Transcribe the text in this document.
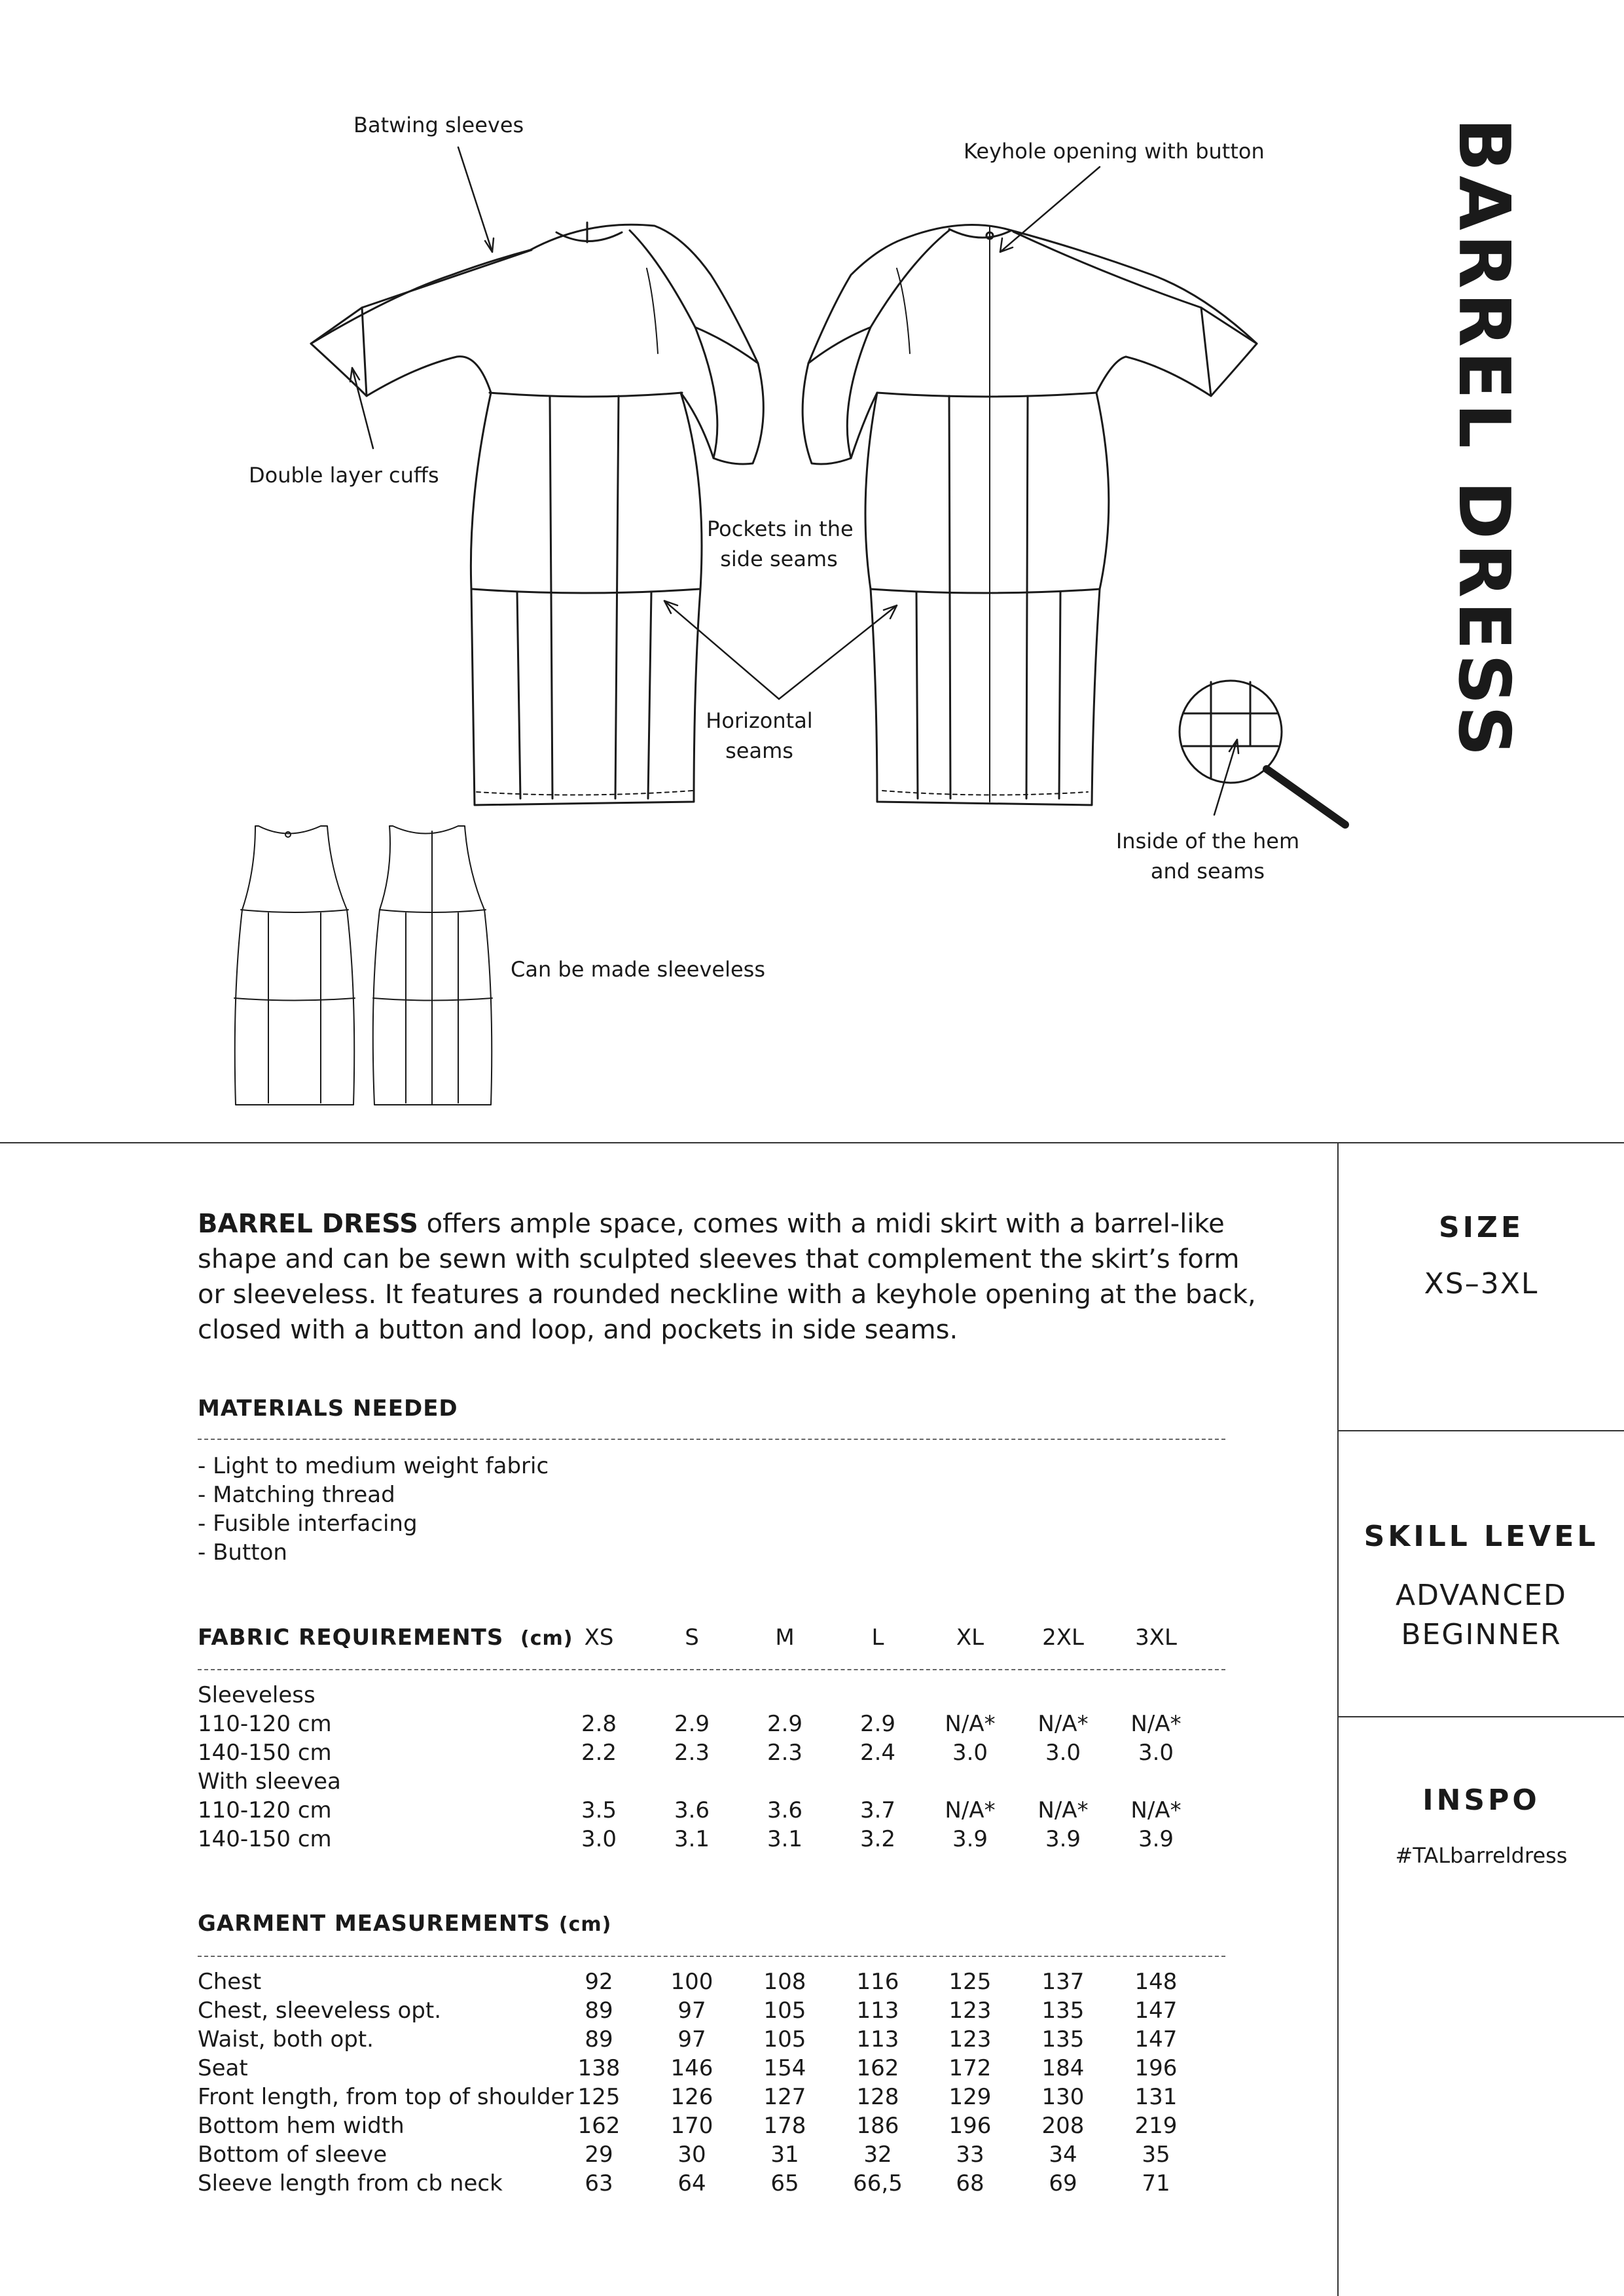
Batwing sleeves
Keyhole opening with button
Double layer cuffs
Pockets in the
side seams
Horizontal
seams
Inside of the hem
and seams
Can be made sleeveless
BARREL DRESS
BARREL DRESS offers ample space, comes with a midi skirt with a barrel-like shape and can be sewn with sculpted sleeves that complement the skirt’s form or sleeveless. It features a rounded neckline with a keyhole opening at the back, closed with a button and loop, and pockets in side seams.
MATERIALS NEEDED
- Light to medium weight fabric
- Matching thread
- Fusible interfacing
- Button
FABRIC REQUIREMENTS (cm) XS	S	M	L	XL	2XL	3XL
Sleeveless
110-120 cm	2.8	2.9	2.9	2.9	N/A*	N/A*	N/A*
140-150 cm	2.2	2.3	2.3	2.4	3.0	3.0	3.0
With sleevea
110-120 cm	3.5	3.6	3.6	3.7	N/A*	N/A*	N/A*
140-150 cm	3.0	3.1	3.1	3.2	3.9	3.9	3.9
GARMENT MEASUREMENTS (cm)
Chest	92	100	108	116	125	137	148
Chest, sleeveless opt.	89	97	105	113	123	135	147
Waist, both opt.	89	97	105	113	123	135	147
Seat	138	146	154	162	172	184	196
Front length, from top of shoulder 125	126	127	128	129	130	131
Bottom hem width	162	170	178	186	196	208	219
Bottom of sleeve	29	30	31	32	33	34	35
Sleeve length from cb neck	63	64	65	66,5	68	69	71
SIZE
XS–3XL
SKILL LEVEL
ADVANCED
BEGINNER
INSPO
#TALbarreldress
